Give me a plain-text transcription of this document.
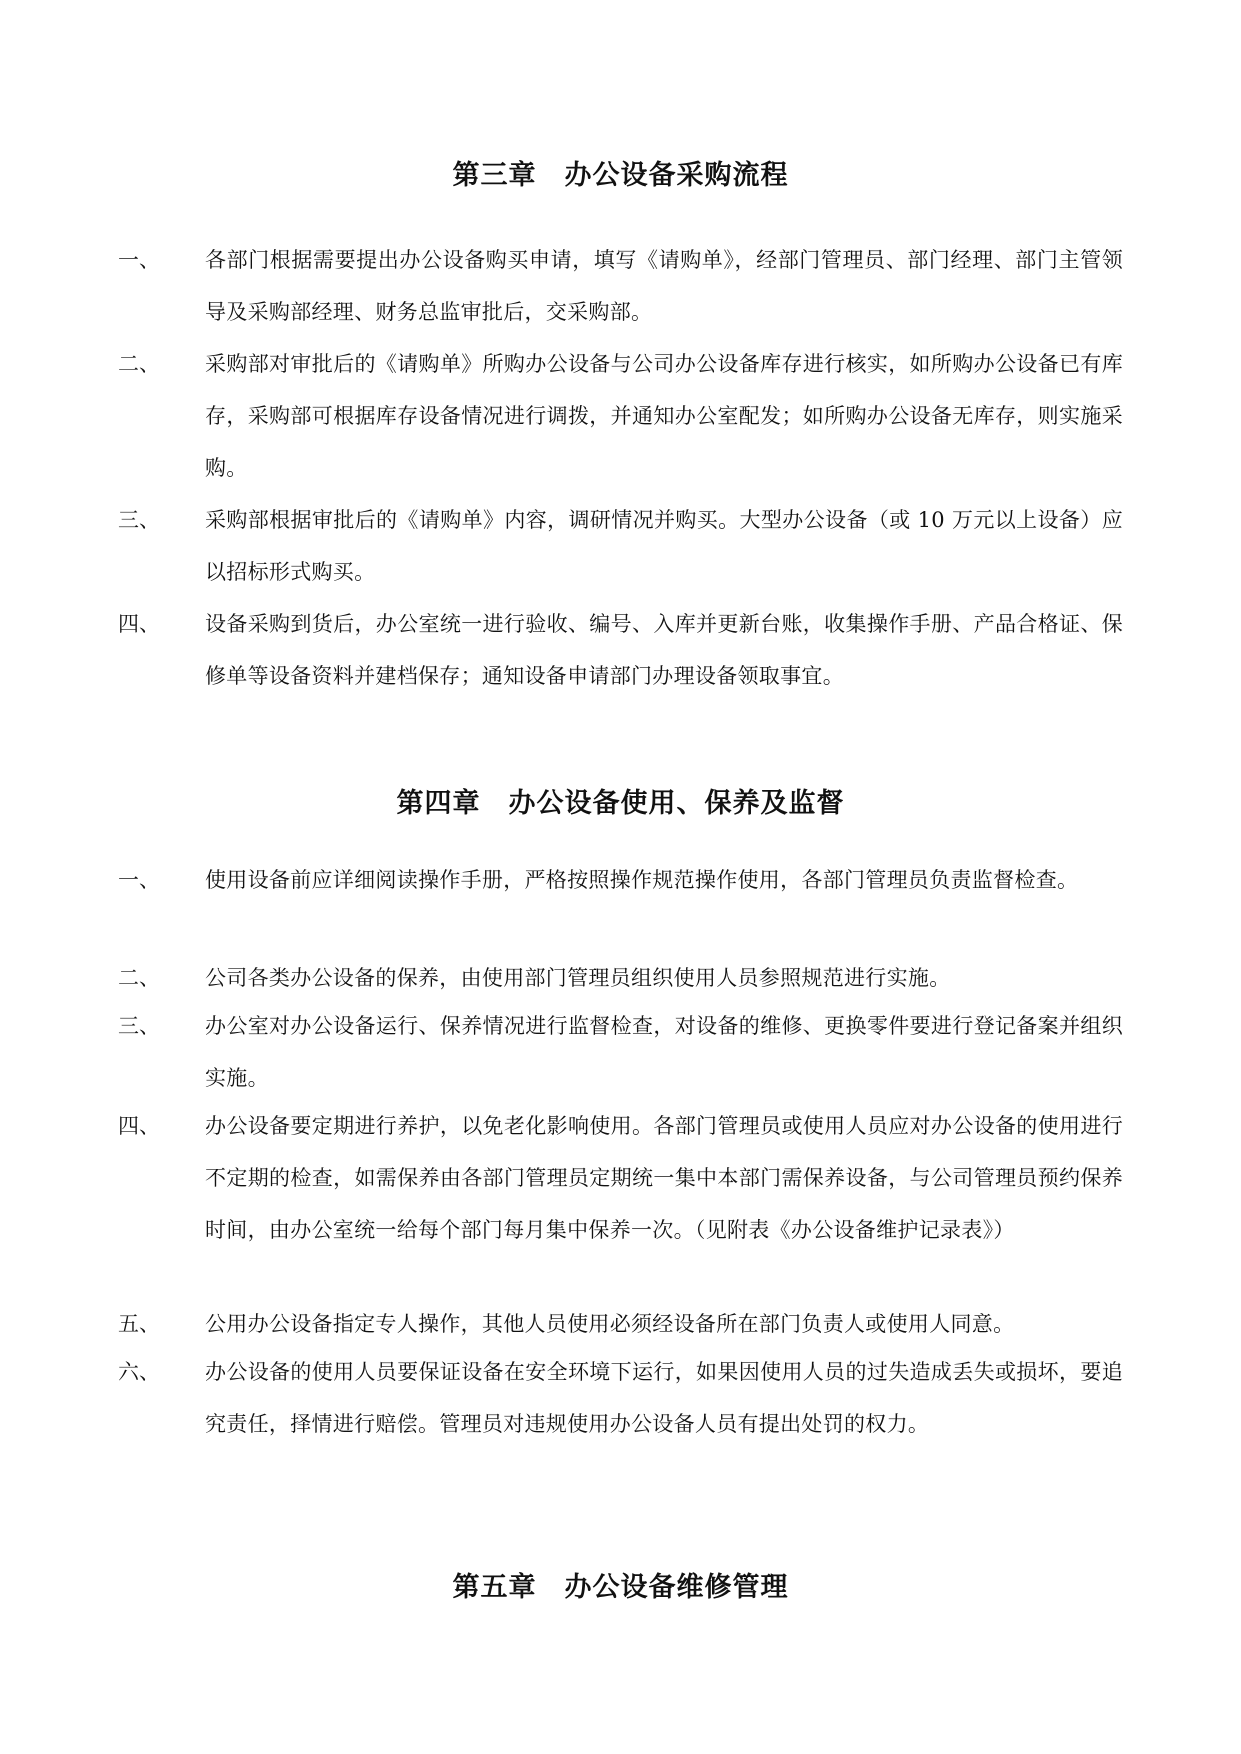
第三章　办公设备采购流程
一、 各部门根据需要提出办公设备购买申请，填写《请购单》，经部门管理员、部门经理、部门主管领导及采购部经理、财务总监审批后，交采购部。
二、 采购部对审批后的《请购单》所购办公设备与公司办公设备库存进行核实，如所购办公设备已有库存，采购部可根据库存设备情况进行调拨，并通知办公室配发；如所购办公设备无库存，则实施采购。
三、 采购部根据审批后的《请购单》内容，调研情况并购买。大型办公设备（或 10 万元以上设备）应以招标形式购买。
四、 设备采购到货后，办公室统一进行验收、编号、入库并更新台账，收集操作手册、产品合格证、保修单等设备资料并建档保存；通知设备申请部门办理设备领取事宜。
第四章　办公设备使用、保养及监督
一、 使用设备前应详细阅读操作手册，严格按照操作规范操作使用，各部门管理员负责监督检查。
二、 公司各类办公设备的保养，由使用部门管理员组织使用人员参照规范进行实施。
三、 办公室对办公设备运行、保养情况进行监督检查，对设备的维修、更换零件要进行登记备案并组织实施。
四、 办公设备要定期进行养护，以免老化影响使用。各部门管理员或使用人员应对办公设备的使用进行不定期的检查，如需保养由各部门管理员定期统一集中本部门需保养设备，与公司管理员预约保养时间，由办公室统一给每个部门每月集中保养一次。（见附表《办公设备维护记录表》）
五、 公用办公设备指定专人操作，其他人员使用必须经设备所在部门负责人或使用人同意。
六、 办公设备的使用人员要保证设备在安全环境下运行，如果因使用人员的过失造成丢失或损坏，要追究责任，择情进行赔偿。管理员对违规使用办公设备人员有提出处罚的权力。
第五章　办公设备维修管理
